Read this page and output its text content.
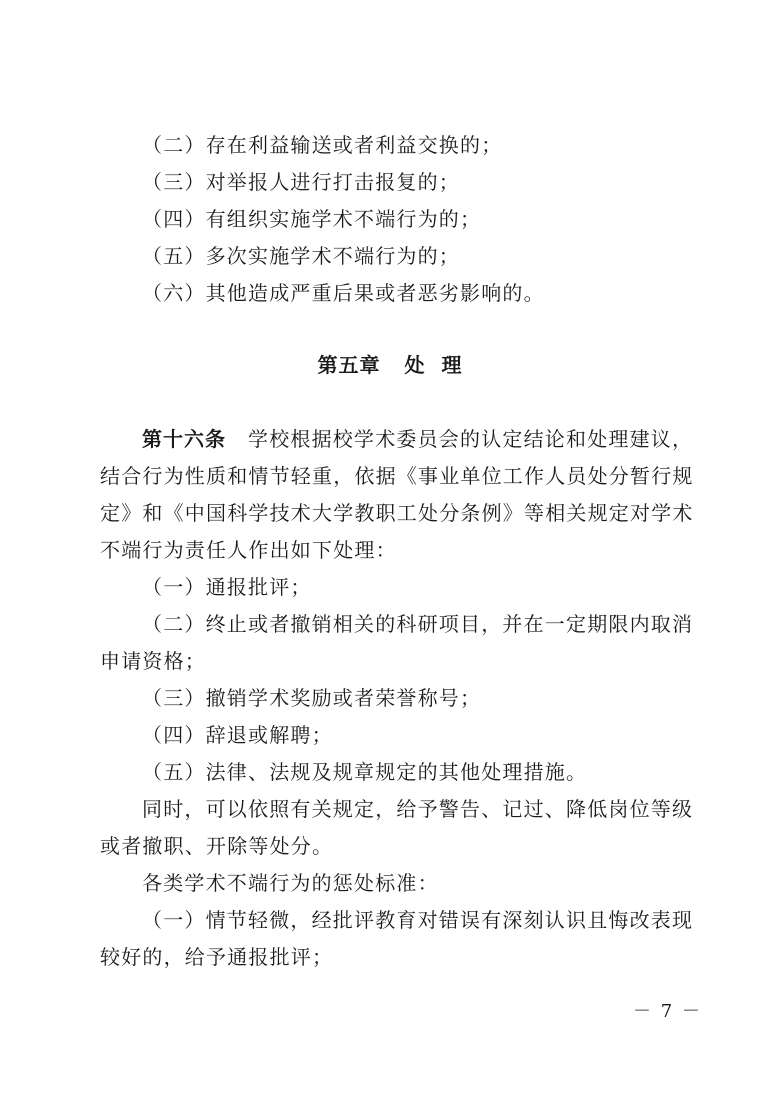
（二）存在利益输送或者利益交换的；
（三）对举报人进行打击报复的；
（四）有组织实施学术不端行为的；
（五）多次实施学术不端行为的；
（六）其他造成严重后果或者恶劣影响的。
第五章 处 理
第十六条 学校根据校学术委员会的认定结论和处理建议，
结合行为性质和情节轻重，依据《事业单位工作人员处分暂行规
定》和《中国科学技术大学教职工处分条例》等相关规定对学术
不端行为责任人作出如下处理：
（一）通报批评；
（二）终止或者撤销相关的科研项目，并在一定期限内取消
申请资格；
（三）撤销学术奖励或者荣誉称号；
（四）辞退或解聘；
（五）法律、法规及规章规定的其他处理措施。
同时，可以依照有关规定，给予警告、记过、降低岗位等级
或者撤职、开除等处分。
各类学术不端行为的惩处标准：
（一）情节轻微，经批评教育对错误有深刻认识且悔改表现
较好的，给予通报批评；
－ 7 －
